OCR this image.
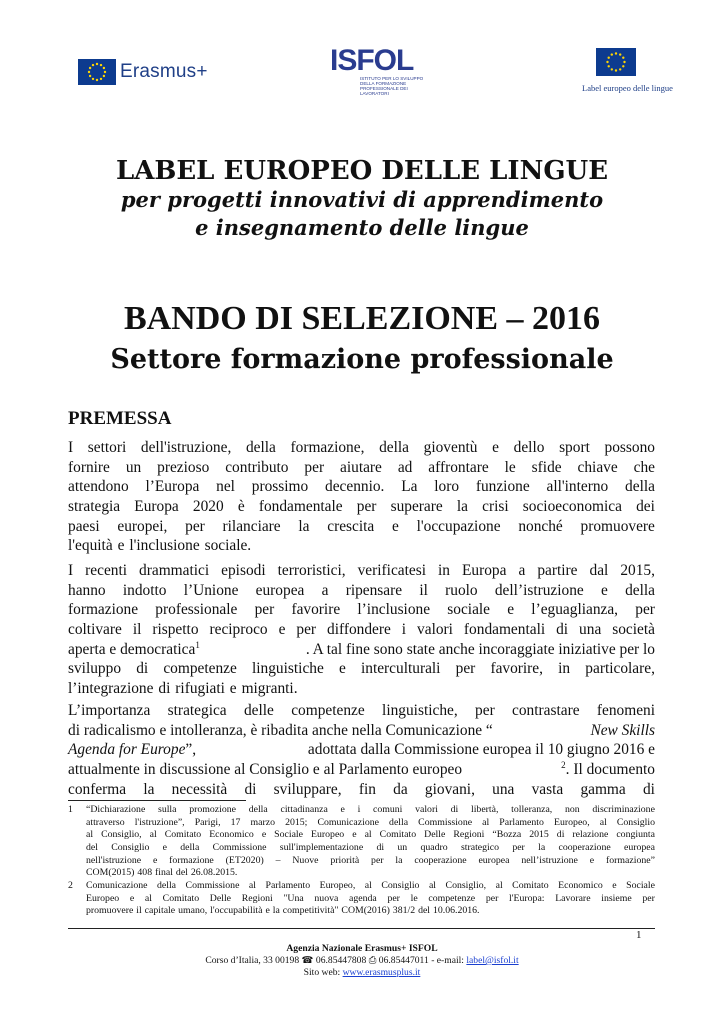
Erasmus+	ISFOL
ISTITUTO PER LO SVILUPPO DELLA FORMAZIONE PROFESSIONALE DEI LAVORATORI
Label europeo delle lingue
LABEL EUROPEO DELLE LINGUE
per progetti innovativi di apprendimento
e insegnamento delle lingue
BANDO DI SELEZIONE – 2016
Settore formazione professionale
PREMESSA
I settori dell'istruzione, della formazione, della gioventù e dello sport possono
fornire un prezioso contributo per aiutare ad affrontare le sfide chiave che
attendono l’Europa nel prossimo decennio. La loro funzione all'interno della
strategia Europa 2020 è fondamentale per superare la crisi socioeconomica dei
paesi europei, per rilanciare la crescita e l'occupazione nonché promuovere
l'equità e l'inclusione sociale.
I recenti drammatici episodi terroristici, verificatesi in Europa a partire dal 2015,
hanno indotto l’Unione europea a ripensare il ruolo dell’istruzione e della
formazione professionale per favorire l’inclusione sociale e l’eguaglianza, per
coltivare il rispetto reciproco e per diffondere i valori fondamentali di una società
aperta e democratica$^1$	. A tal fine sono state anche incoraggiate iniziative per lo
sviluppo di competenze linguistiche e interculturali per favorire, in particolare,
l’integrazione di rifugiati e migranti.
L’importanza strategica delle competenze linguistiche, per contrastare fenomeni
di radicalismo e intolleranza, è ribadita anche nella Comunicazione “	New Skills
Agenda for Europe”,	adottata dalla Commissione europea il 10 giugno 2016 e
attualmente in discussione al Consiglio e al Parlamento europeo	$^2$. Il documento
conferma la necessità di sviluppare, fin da giovani, una vasta gamma di
1 “Dichiarazione sulla promozione della cittadinanza e i comuni valori di libertà, tolleranza, non discriminazione
attraverso l'istruzione”, Parigi, 17 marzo 2015; Comunicazione della Commissione al Parlamento Europeo, al Consiglio
al Consiglio, al Comitato Economico e Sociale Europeo e al Comitato Delle Regioni “Bozza 2015 di relazione congiunta
del Consiglio e della Commissione sull'implementazione di un quadro strategico per la cooperazione europea
nell'istruzione e formazione (ET2020) – Nuove priorità per la cooperazione europea nell’istruzione e formazione”
COM(2015) 408 final del 26.08.2015.
2 Comunicazione della Commissione al Parlamento Europeo, al Consiglio al Consiglio, al Comitato Economico e Sociale
Europeo e al Comitato Delle Regioni "Una nuova agenda per le competenze per l'Europa: Lavorare insieme per
promuovere il capitale umano, l'occupabilità e la competitività" COM(2016) 381/2 del 10.06.2016.
1
Agenzia Nazionale Erasmus+ ISFOL
Corso d’Italia, 33 00198 ☎ 06.85447808 ⎙ 06.85447011 - e-mail: label@isfol.it
Sito web: www.erasmusplus.it
